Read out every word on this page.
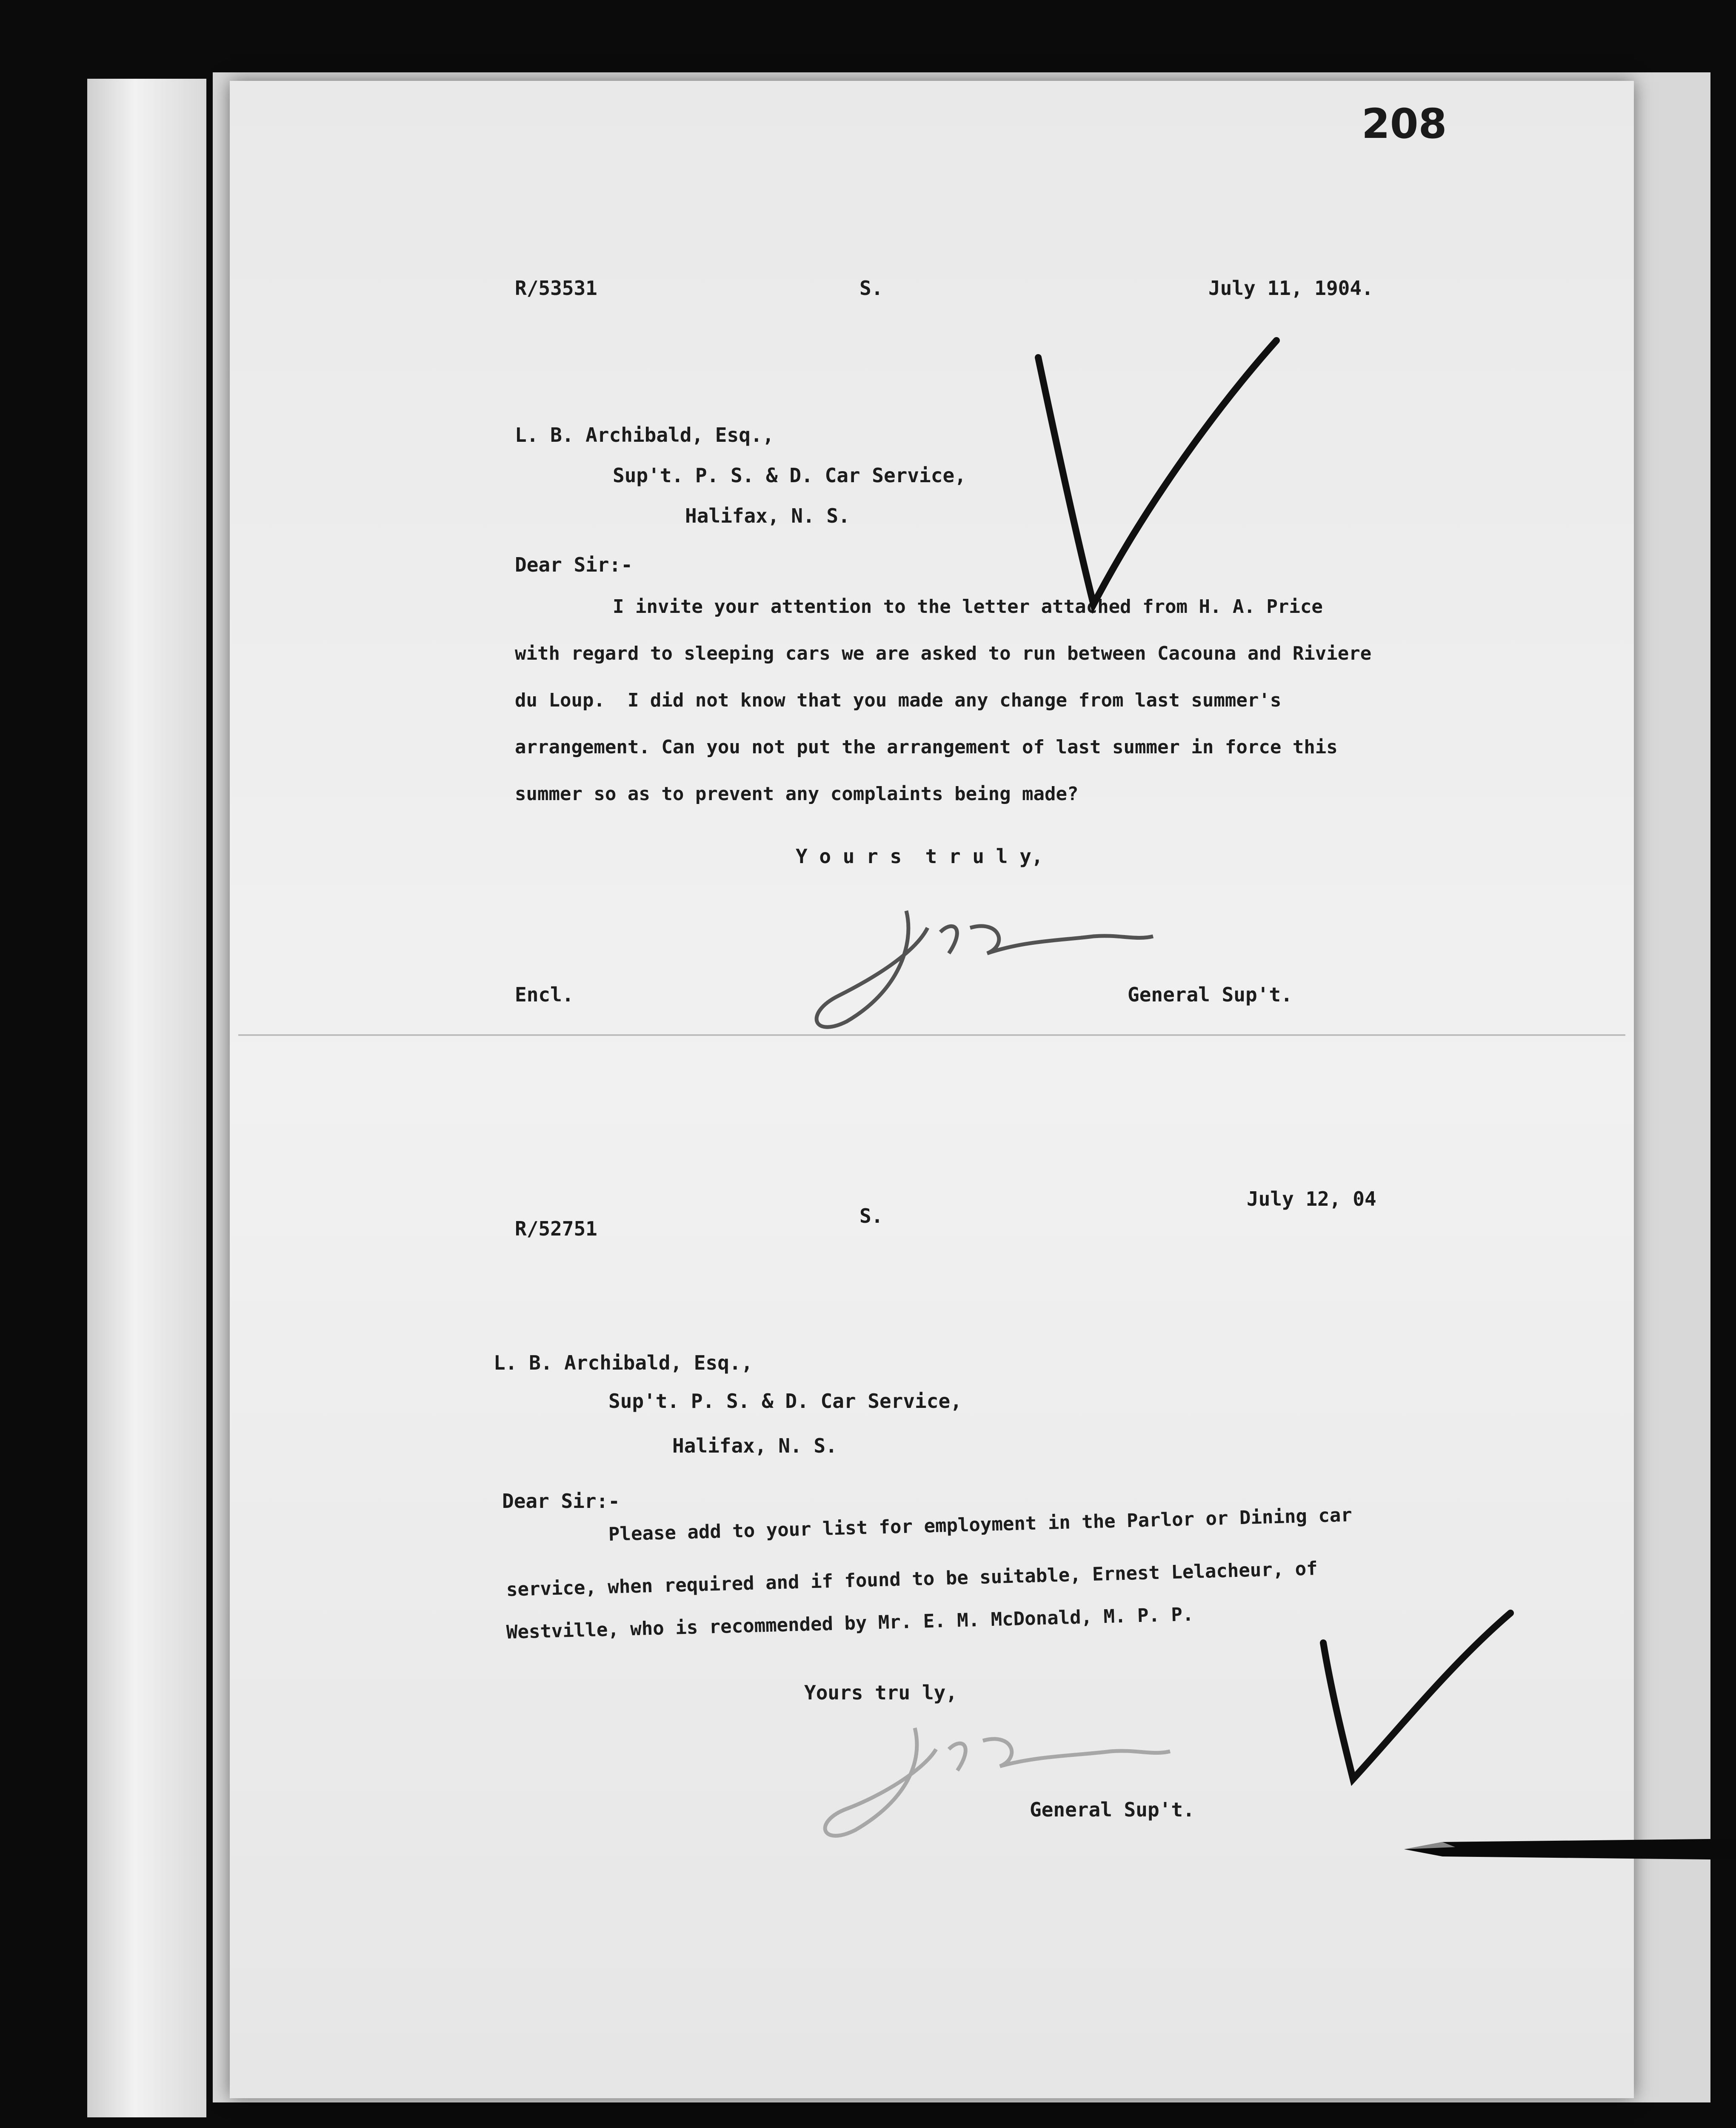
208
R/53531	S.	July 11, 1904.
L. B. Archibald, Esq.,
Sup't. P. S. & D. Car Service,
Halifax, N. S.
Dear Sir:-
I invite your attention to the letter attached from H. A. Price
with regard to sleeping cars we are asked to run between Cacouna and Riviere
du Loup.  I did not know that you made any change from last summer's
arrangement. Can you not put the arrangement of last summer in force this
summer so as to prevent any complaints being made?
Y o u r s  t r u l y,
Encl.	General Sup't.
R/52751
S.
July 12, 04
L. B. Archibald, Esq.,
Sup't. P. S. & D. Car Service,
Halifax, N. S.
Dear Sir:-
Please add to your list for employment in the Parlor or Dining car
service, when required and if found to be suitable, Ernest Lelacheur, of
Westville, who is recommended by Mr. E. M. McDonald, M. P. P.
Yours tru ly,
General Sup't.
